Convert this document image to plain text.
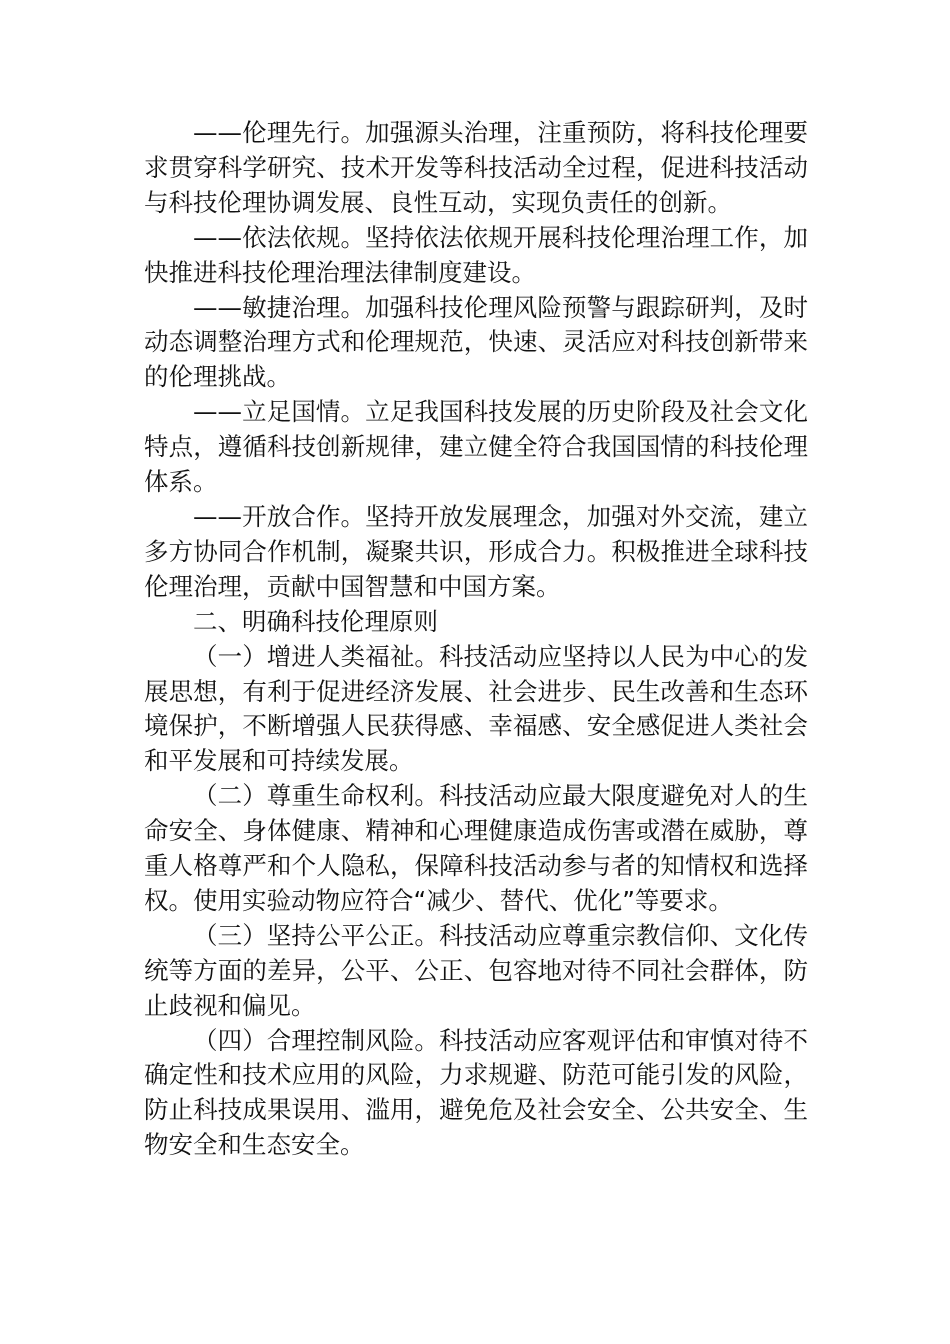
——伦理先行。加强源头治理，注重预防，将科技伦理要求贯穿科学研究、技术开发等科技活动全过程，促进科技活动与科技伦理协调发展、良性互动，实现负责任的创新。

——依法依规。坚持依法依规开展科技伦理治理工作，加快推进科技伦理治理法律制度建设。

——敏捷治理。加强科技伦理风险预警与跟踪研判，及时动态调整治理方式和伦理规范，快速、灵活应对科技创新带来的伦理挑战。

——立足国情。立足我国科技发展的历史阶段及社会文化特点，遵循科技创新规律，建立健全符合我国国情的科技伦理体系。

——开放合作。坚持开放发展理念，加强对外交流，建立多方协同合作机制，凝聚共识，形成合力。积极推进全球科技伦理治理，贡献中国智慧和中国方案。

二、明确科技伦理原则

（一）增进人类福祉。科技活动应坚持以人民为中心的发展思想，有利于促进经济发展、社会进步、民生改善和生态环境保护，不断增强人民获得感、幸福感、安全感促进人类社会和平发展和可持续发展。

（二）尊重生命权利。科技活动应最大限度避免对人的生命安全、身体健康、精神和心理健康造成伤害或潜在威胁，尊重人格尊严和个人隐私，保障科技活动参与者的知情权和选择权。使用实验动物应符合“减少、替代、优化”等要求。

（三）坚持公平公正。科技活动应尊重宗教信仰、文化传统等方面的差异，公平、公正、包容地对待不同社会群体，防止歧视和偏见。

（四）合理控制风险。科技活动应客观评估和审慎对待不确定性和技术应用的风险，力求规避、防范可能引发的风险，防止科技成果误用、滥用，避免危及社会安全、公共安全、生物安全和生态安全。
